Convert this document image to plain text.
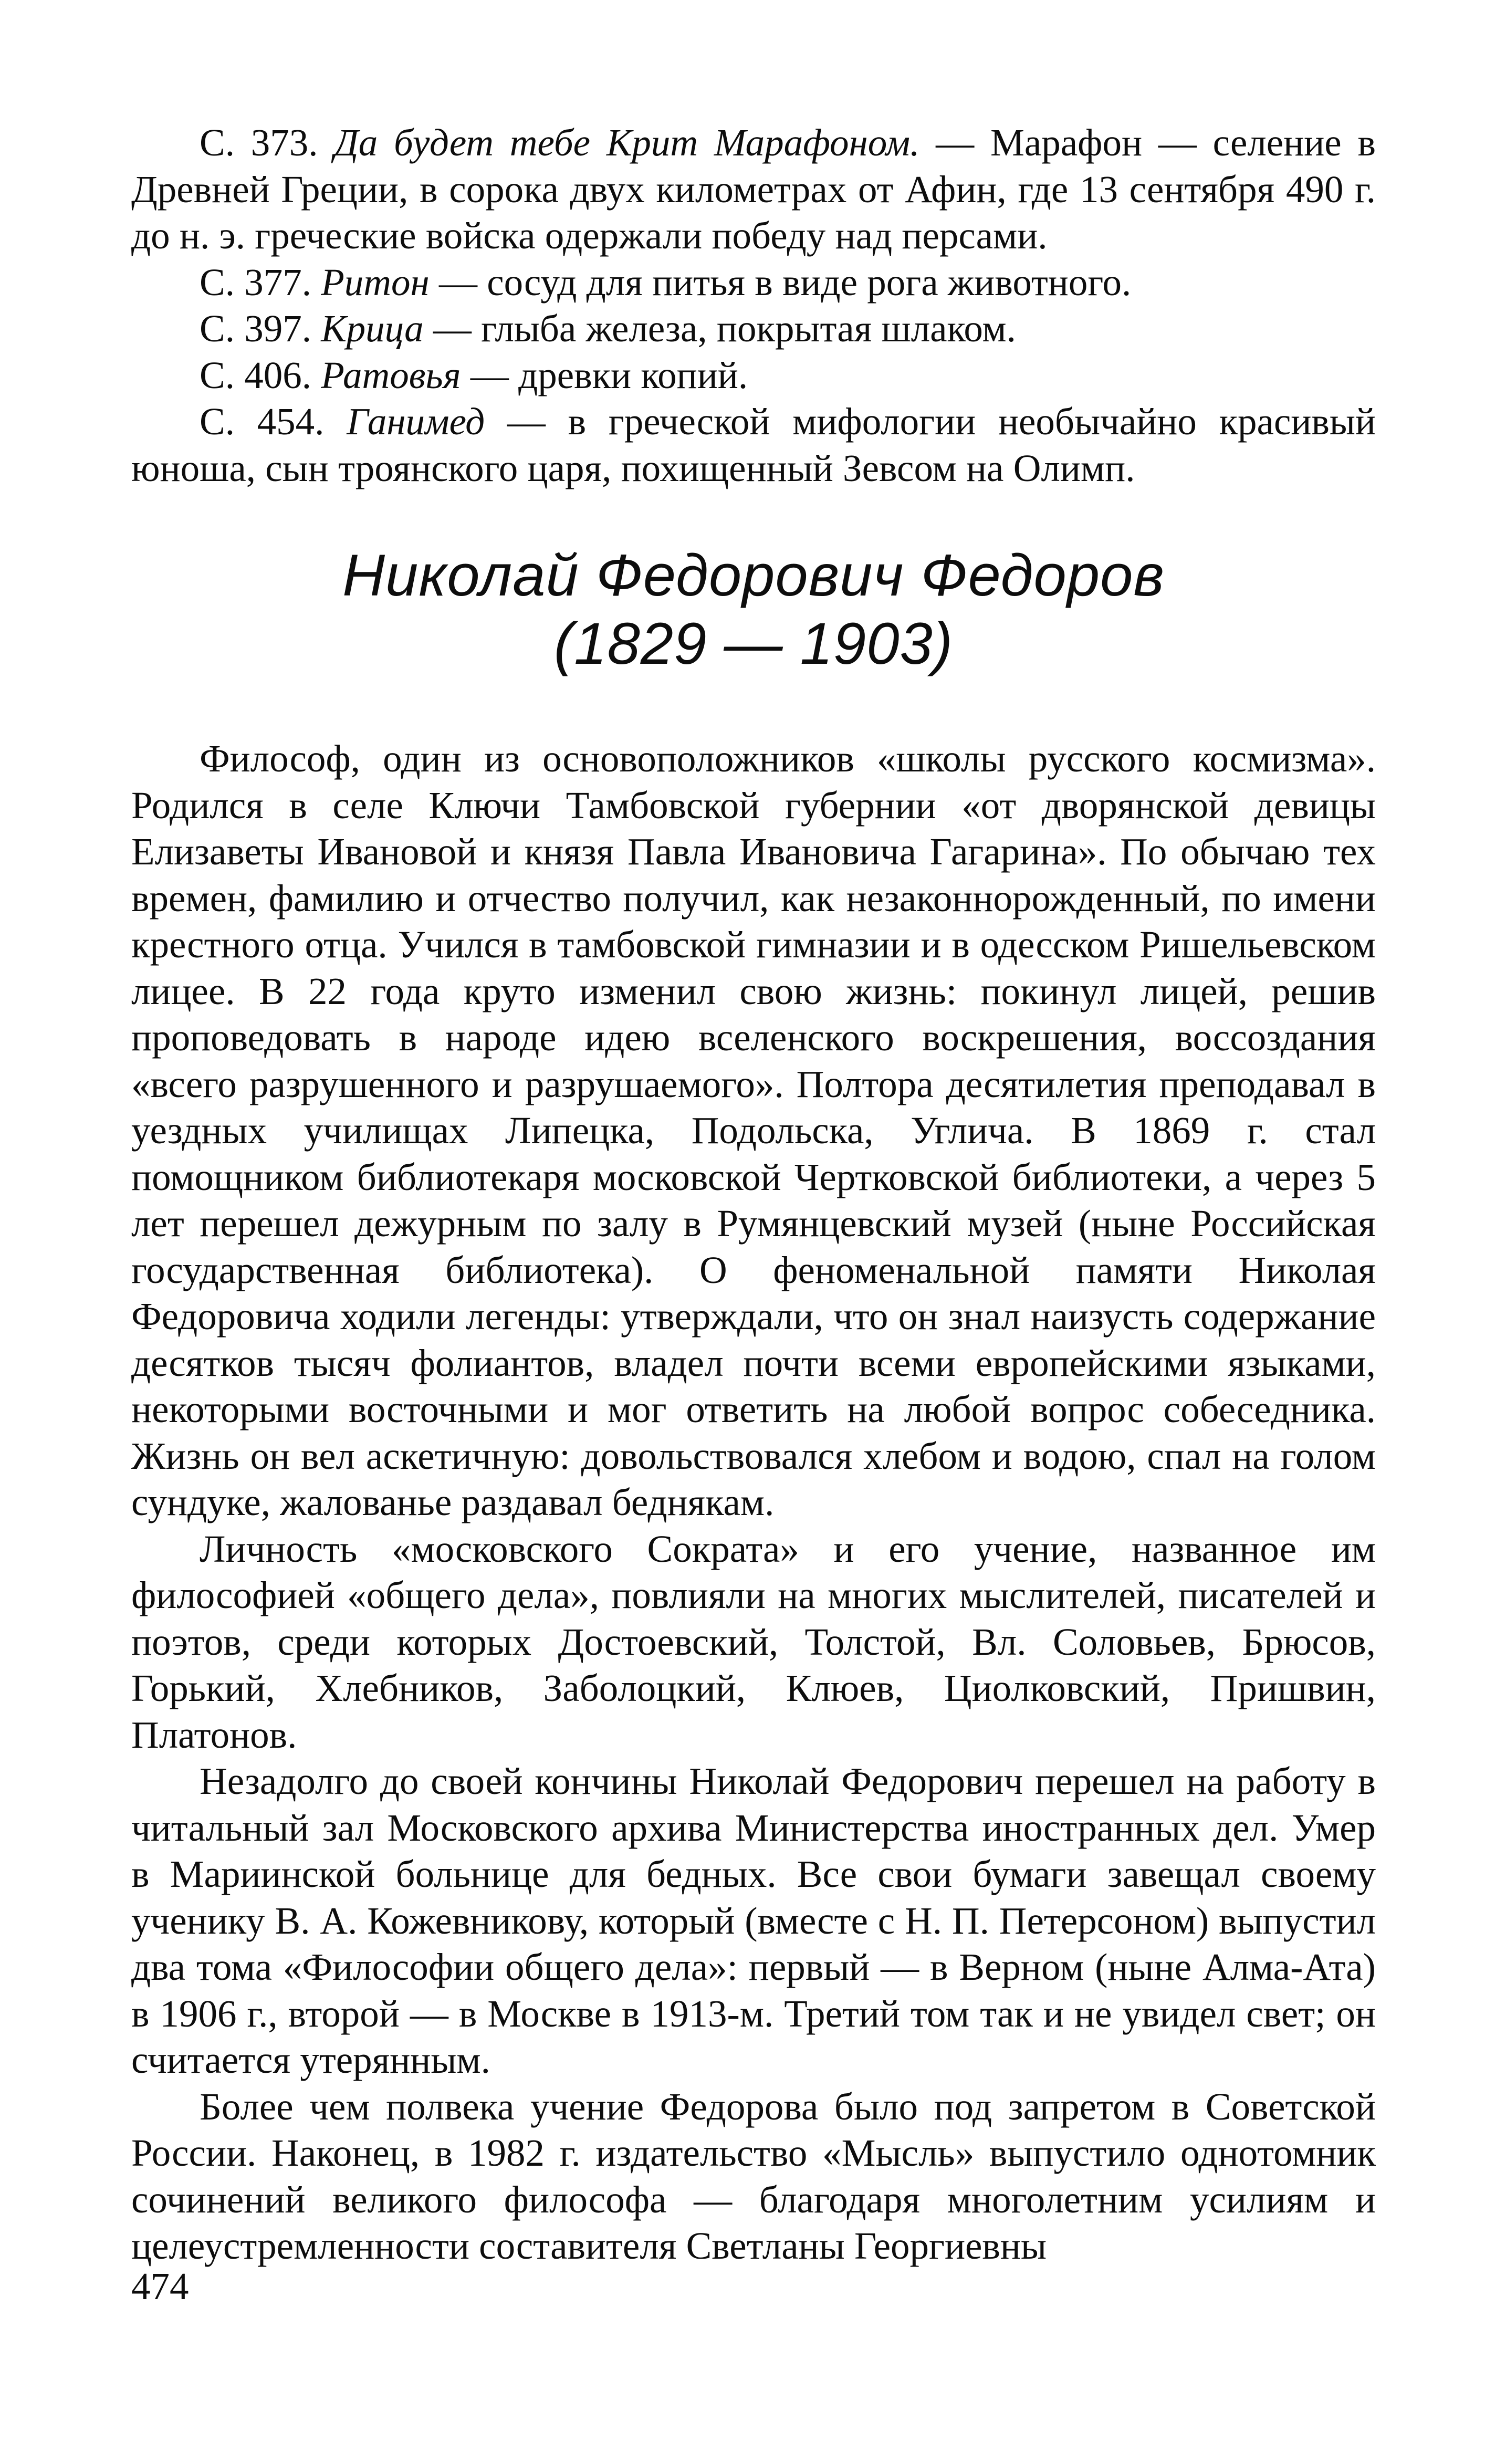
С. 373. Да будет тебе Крит Марафоном. — Марафон — селение в Древней Греции, в сорока двух километрах от Афин, где 13 сентября 490 г. до н. э. греческие войска одержали победу над персами.

С. 377. Ритон — сосуд для питья в виде рога животного.

С. 397. Крица — глыба железа, покрытая шлаком.

С. 406. Ратовья — древки копий.

С. 454. Ганимед — в греческой мифологии необычайно красивый юноша, сын троянского царя, похищенный Зевсом на Олимп.

Николай Федорович Федоров
(1829 — 1903)

Философ, один из основоположников «школы русского космизма». Родился в селе Ключи Тамбовской губернии «от дворянской девицы Елизаветы Ивановой и князя Павла Ивановича Гагарина». По обычаю тех времен, фамилию и отчество получил, как незаконнорожденный, по имени крестного отца. Учился в тамбовской гимназии и в одесском Ришельевском лицее. В 22 года круто изменил свою жизнь: покинул лицей, решив проповедовать в народе идею вселенского воскрешения, воссоздания «всего разрушенного и разрушаемого». Полтора десятилетия преподавал в уездных училищах Липецка, Подольска, Углича. В 1869 г. стал помощником библиотекаря московской Чертковской библиотеки, а через 5 лет перешел дежурным по залу в Румянцевский музей (ныне Российская государственная библиотека). О феноменальной памяти Николая Федоровича ходили легенды: утверждали, что он знал наизусть содержание десятков тысяч фолиантов, владел почти всеми европейскими языками, некоторыми восточными и мог ответить на любой вопрос собеседника. Жизнь он вел аскетичную: довольствовался хлебом и водою, спал на голом сундуке, жалованье раздавал беднякам.

Личность «московского Сократа» и его учение, названное им философией «общего дела», повлияли на многих мыслителей, писателей и поэтов, среди которых Достоевский, Толстой, Вл. Соловьев, Брюсов, Горький, Хлебников, Заболоцкий, Клюев, Циолковский, Пришвин, Платонов.

Незадолго до своей кончины Николай Федорович перешел на работу в читальный зал Московского архива Министерства иностранных дел. Умер в Мариинской больнице для бедных. Все свои бумаги завещал своему ученику В. А. Кожевникову, который (вместе с Н. П. Петерсоном) выпустил два тома «Философии общего дела»: первый — в Верном (ныне Алма-Ата) в 1906 г., второй — в Москве в 1913-м. Третий том так и не увидел свет; он считается утерянным.

Более чем полвека учение Федорова было под запретом в Советской России. Наконец, в 1982 г. издательство «Мысль» выпустило однотомник сочинений великого философа — благодаря многолетним усилиям и целеустремленности составителя Светланы Георгиевны

474
